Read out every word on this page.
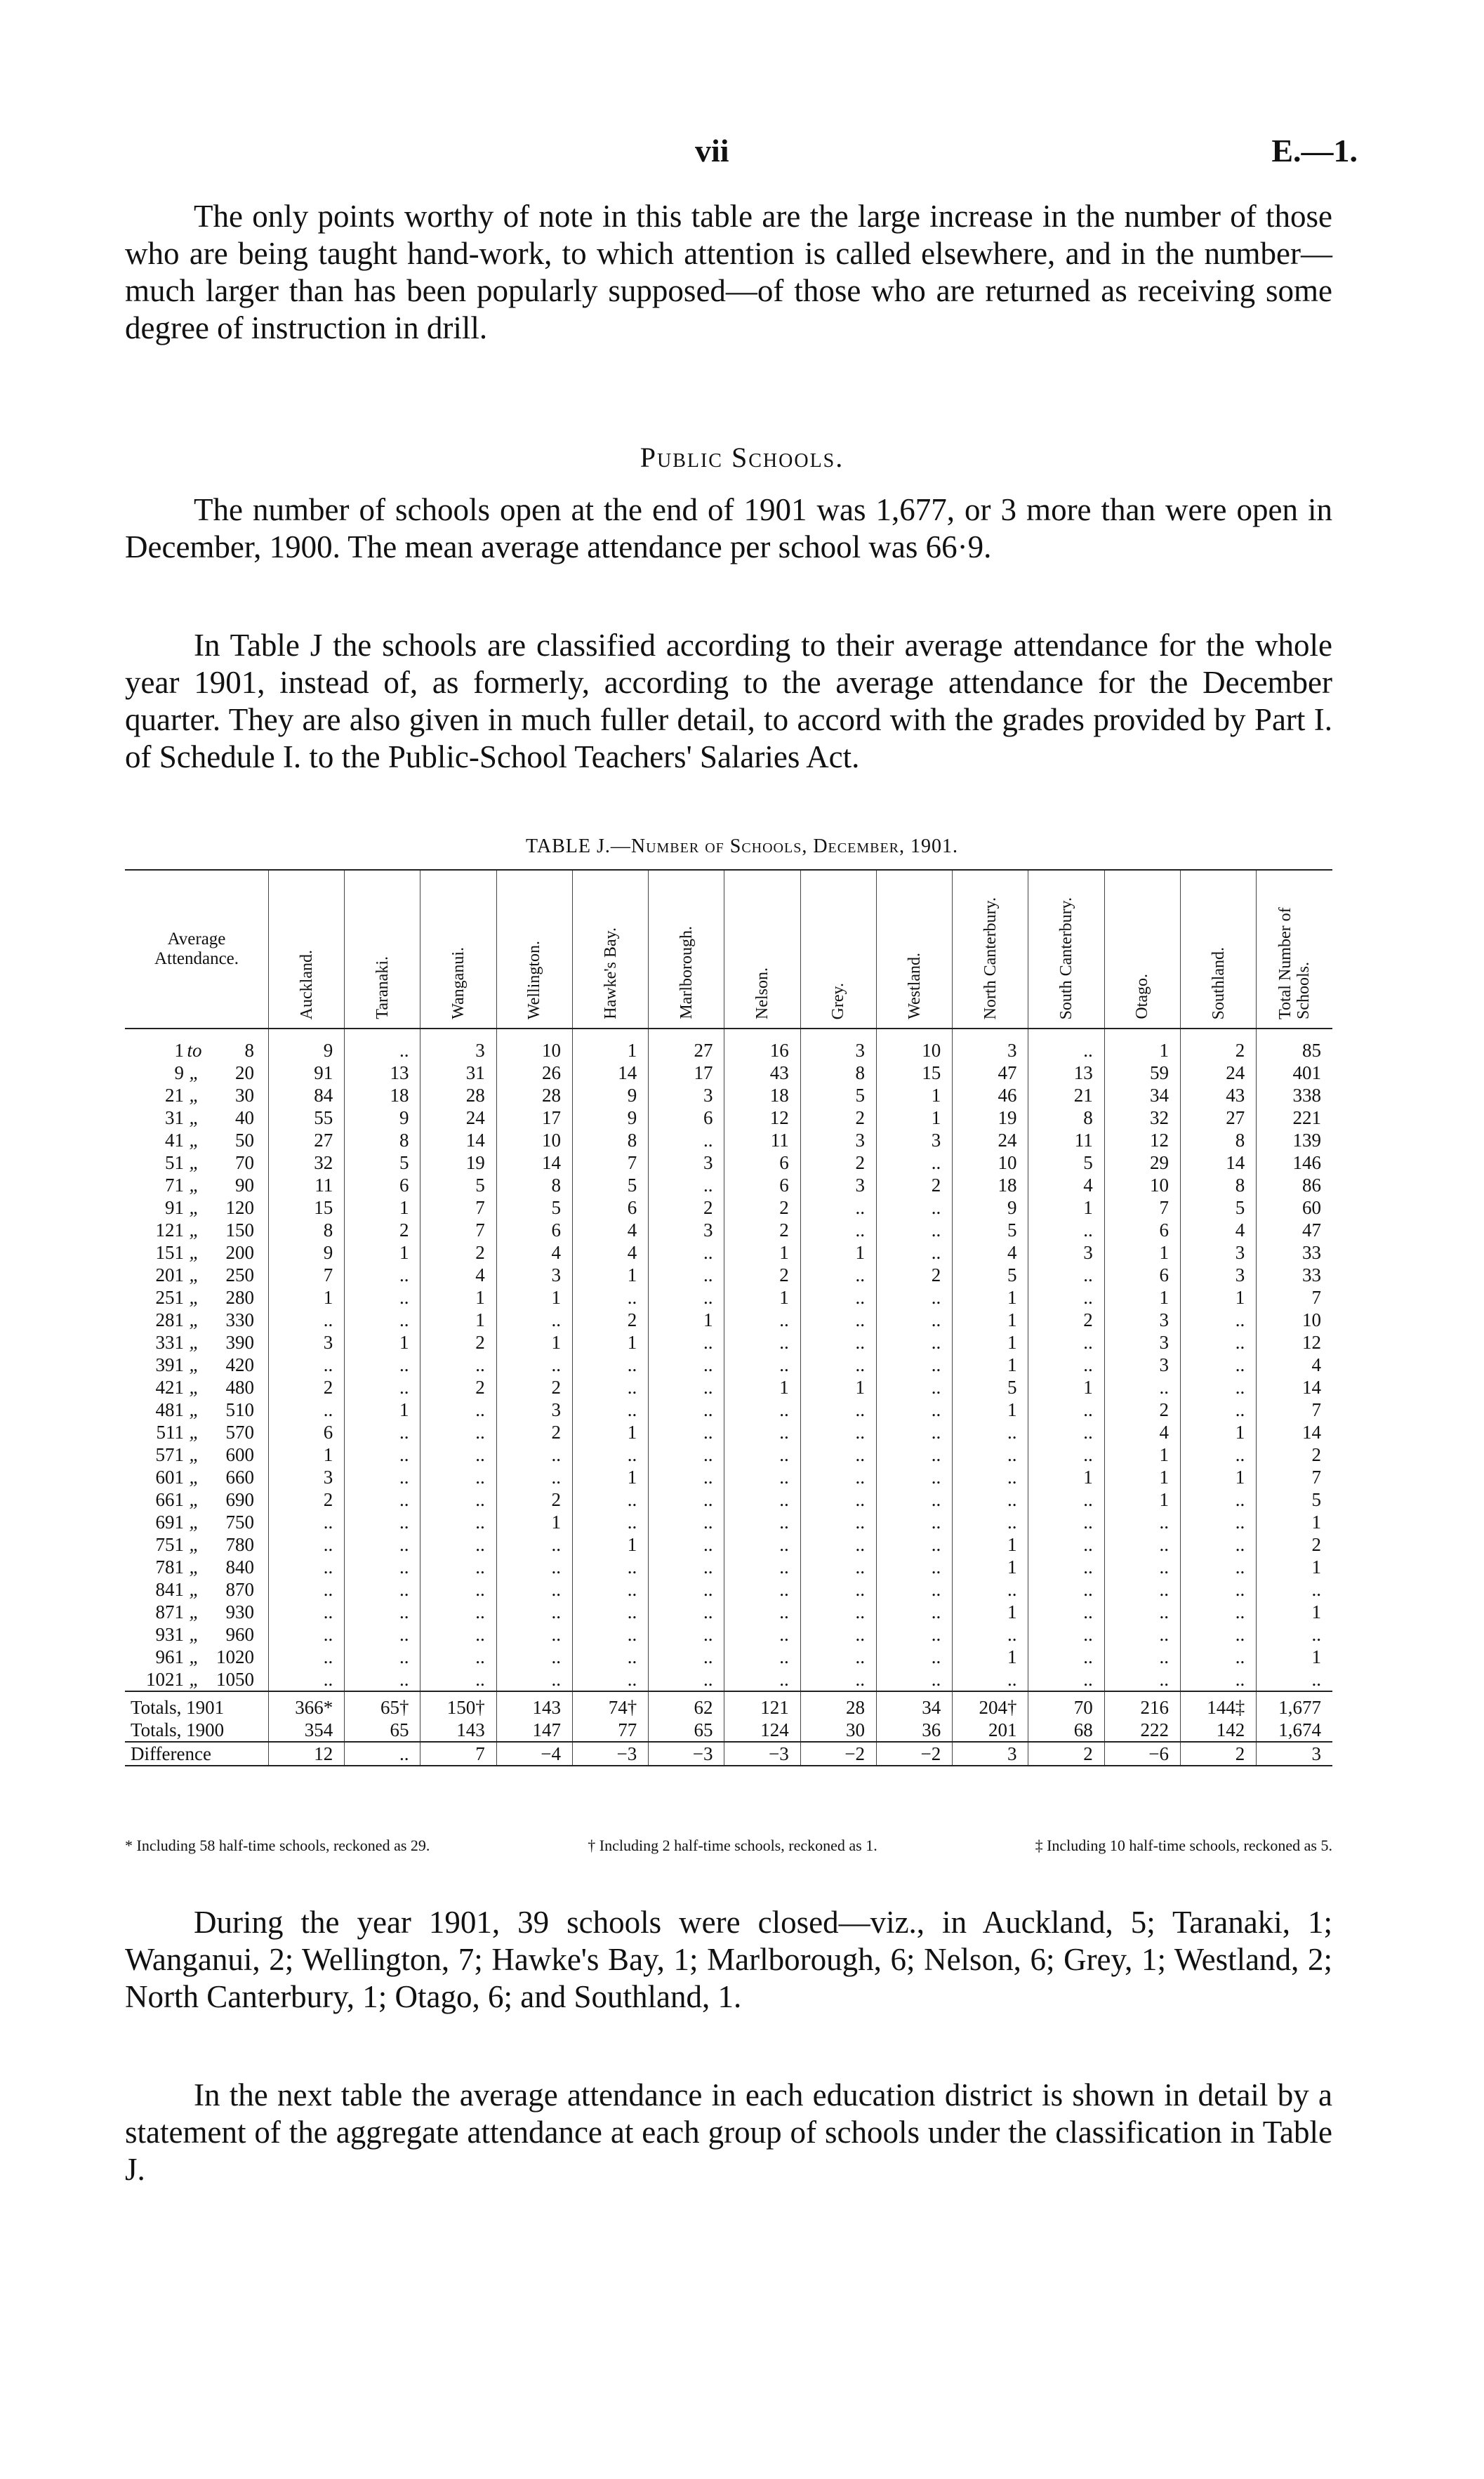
vii	E.—1.

The only points worthy of note in this table are the large increase in the number of those who are being taught hand-work, to which attention is called elsewhere, and in the number—much larger than has been popularly supposed—of those who are returned as receiving some degree of instruction in drill.

Public Schools.

The number of schools open at the end of 1901 was 1,677, or 3 more than were open in December, 1900. The mean average attendance per school was 66·9.

In Table J the schools are classified according to their average attendance for the whole year 1901, instead of, as formerly, according to the average attendance for the December quarter. They are also given in much fuller detail, to accord with the grades provided by Part I. of Schedule I. to the Public-School Teachers' Salaries Act.

TABLE J.—Number of Schools, December, 1901.
Average Attendance.	Auckland.	Taranaki.	Wanganui.	Wellington.	Hawke's Bay.	Marlborough.	Nelson.	Grey.	Westland.	North Canterbury.	South Canterbury.	Otago.	Southland.	Total Number of Schools.

1 to 8	9	..	3	10	1	27	16	3	10	3	..	1	2	85
9 „ 20	91	13	31	26	14	17	43	8	15	47	13	59	24	401
21 „ 30	84	18	28	28	9	3	18	5	1	46	21	34	43	338
31 „ 40	55	9	24	17	9	6	12	2	1	19	8	32	27	221
41 „ 50	27	8	14	10	8	..	11	3	3	24	11	12	8	139
51 „ 70	32	5	19	14	7	3	6	2	..	10	5	29	14	146
71 „ 90	11	6	5	8	5	..	6	3	2	18	4	10	8	86
91 „ 120	15	1	7	5	6	2	2	..	..	9	1	7	5	60
121 „ 150	8	2	7	6	4	3	2	..	..	5	..	6	4	47
151 „ 200	9	1	2	4	4	..	1	1	..	4	3	1	3	33
201 „ 250	7	..	4	3	1	..	2	..	2	5	..	6	3	33
251 „ 280	1	..	1	1	..	..	1	..	..	1	..	1	1	7
281 „ 330	..	..	1	..	2	1	..	..	..	1	2	3	..	10
331 „ 390	3	1	2	1	1	..	..	..	..	1	..	3	..	12
391 „ 420	..	..	..	..	..	..	..	..	..	1	..	3	..	4
421 „ 480	2	..	2	2	..	..	1	1	..	5	1	..	..	14
481 „ 510	..	1	..	3	..	..	..	..	..	1	..	2	..	7
511 „ 570	6	..	..	2	1	..	..	..	..	..	..	4	1	14
571 „ 600	1	..	..	..	..	..	..	..	..	..	..	1	..	2
601 „ 660	3	..	..	..	1	..	..	..	..	..	1	1	1	7
661 „ 690	2	..	..	2	..	..	..	..	..	..	..	1	..	5
691 „ 750	..	..	..	1	..	..	..	..	..	..	..	..	..	1
751 „ 780	..	..	..	..	1	..	..	..	..	1	..	..	..	2
781 „ 840	..	..	..	..	..	..	..	..	..	1	..	..	..	1
841 „ 870	..	..	..	..	..	..	..	..	..	..	..	..	..	..
871 „ 930	..	..	..	..	..	..	..	..	..	1	..	..	..	1
931 „ 960	..	..	..	..	..	..	..	..	..	..	..	..	..	..
961 „ 1020	..	..	..	..	..	..	..	..	..	1	..	..	..	1
1021 „ 1050	..	..	..	..	..	..	..	..	..	..	..	..	..	..
Totals, 1901	366*	65†	150†	143	74†	62	121	28	34	204†	70	216	144‡	1,677
Totals, 1900	354	65	143	147	77	65	124	30	36	201	68	222	142	1,674
Difference	12	..	7	−4	−3	−3	−3	−2	−2	3	2	−6	2	3
* Including 58 half-time schools, reckoned as 29.	† Including 2 half-time schools, reckoned as 1.	‡ Including 10 half-time schools, reckoned as 5.

During the year 1901, 39 schools were closed—viz., in Auckland, 5; Taranaki, 1; Wanganui, 2; Wellington, 7; Hawke's Bay, 1; Marlborough, 6; Nelson, 6; Grey, 1; Westland, 2; North Canterbury, 1; Otago, 6; and Southland, 1.

In the next table the average attendance in each education district is shown in detail by a statement of the aggregate attendance at each group of schools under the classification in Table J.
